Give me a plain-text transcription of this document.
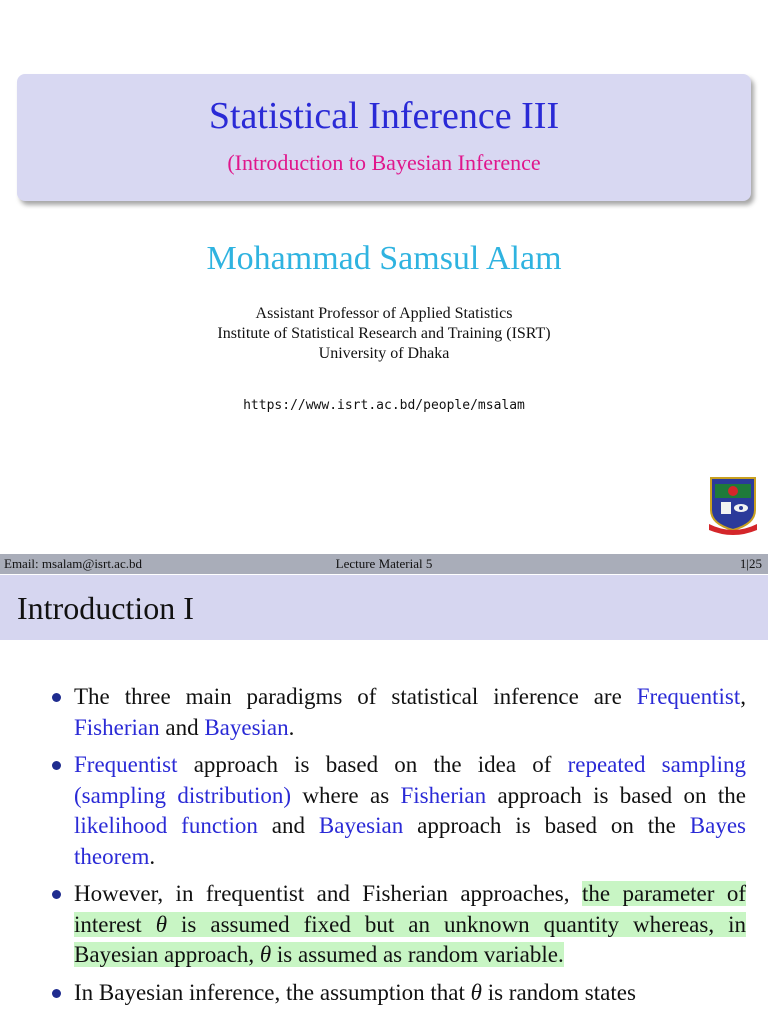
Statistical Inference III
(Introduction to Bayesian Inference
Mohammad Samsul Alam
Assistant Professor of Applied Statistics
Institute of Statistical Research and Training (ISRT)
University of Dhaka
https://www.isrt.ac.bd/people/msalam
Email: msalam@isrt.ac.bd	Lecture Material 5	1|25
Introduction I
The three main paradigms of statistical inference are Frequentist, Fisherian and Bayesian.
Frequentist approach is based on the idea of repeated sampling (sampling distribution) where as Fisherian approach is based on the likelihood function and Bayesian approach is based on the Bayes theorem.
However, in frequentist and Fisherian approaches, the parameter of interest θ is assumed fixed but an unknown quantity whereas, in Bayesian approach, θ is assumed as random variable.
In Bayesian inference, the assumption that θ is random states
